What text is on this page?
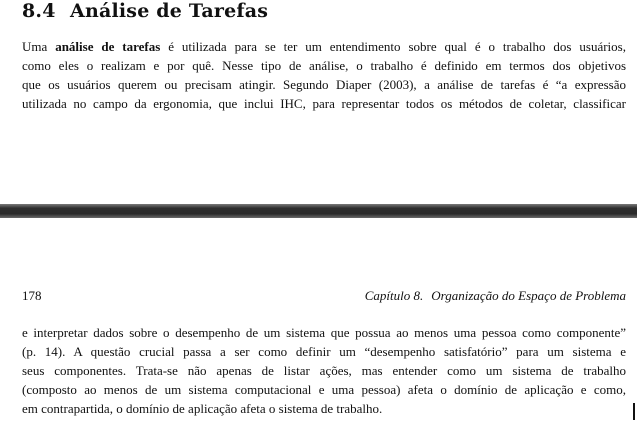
8.4 Análise de Tarefas

Uma análise de tarefas é utilizada para se ter um entendimento sobre qual é o trabalho dos usuários,
como eles o realizam e por quê. Nesse tipo de análise, o trabalho é definido em termos dos objetivos
que os usuários querem ou precisam atingir. Segundo Diaper (2003), a análise de tarefas é “a expressão
utilizada no campo da ergonomia, que inclui IHC, para representar todos os métodos de coletar, classificar

178	Capítulo 8. Organização do Espaço de Problema

e interpretar dados sobre o desempenho de um sistema que possua ao menos uma pessoa como componente”
(p. 14). A questão crucial passa a ser como definir um “desempenho satisfatório” para um sistema e
seus componentes. Trata-se não apenas de listar ações, mas entender como um sistema de trabalho
(composto ao menos de um sistema computacional e uma pessoa) afeta o domínio de aplicação e como,
em contrapartida, o domínio de aplicação afeta o sistema de trabalho.
